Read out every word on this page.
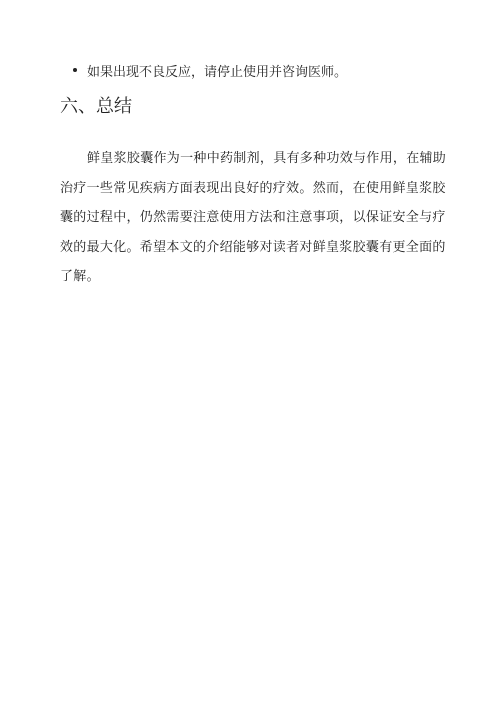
如果出现不良反应，请停止使用并咨询医师。
六、总结
鲜皇浆胶囊作为一种中药制剂，具有多种功效与作用，在辅助
治疗一些常见疾病方面表现出良好的疗效。然而，在使用鲜皇浆胶
囊的过程中，仍然需要注意使用方法和注意事项，以保证安全与疗
效的最大化。希望本文的介绍能够对读者对鲜皇浆胶囊有更全面的
了解。
